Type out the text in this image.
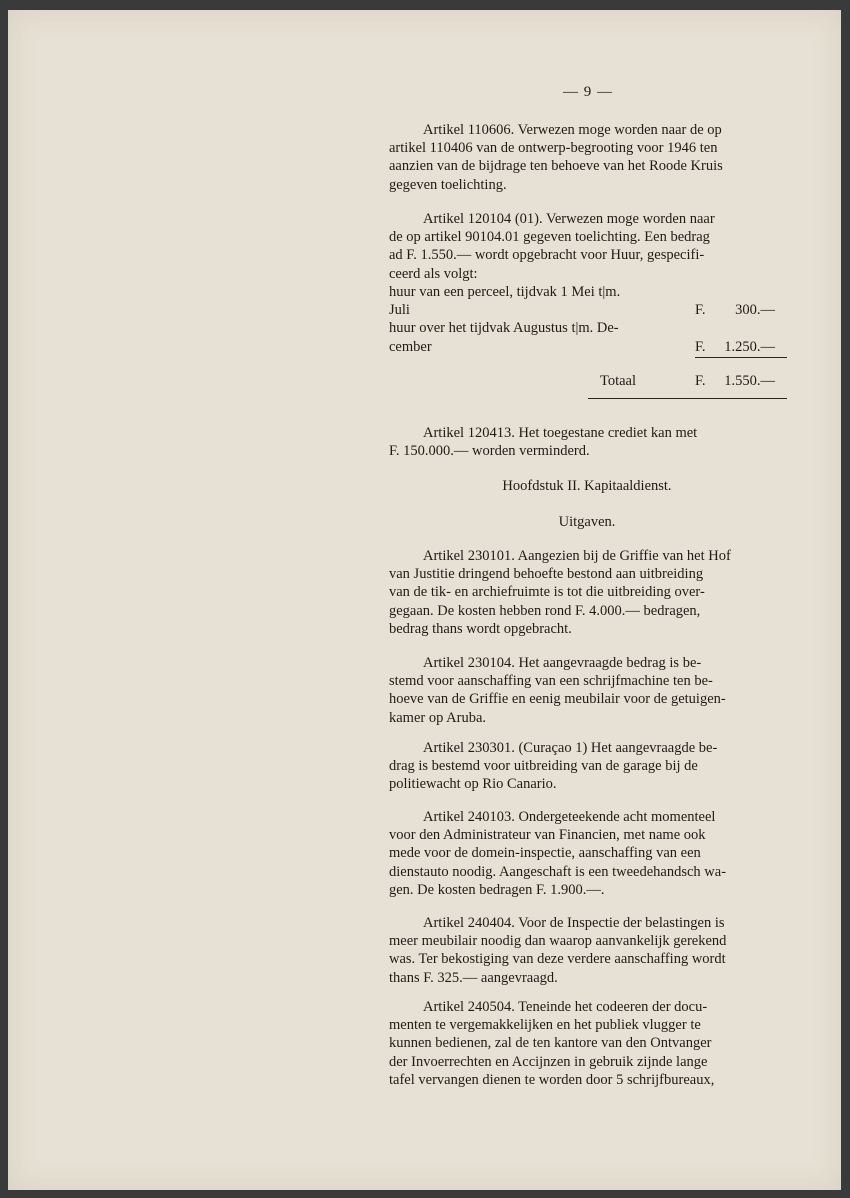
— 9 —

Artikel 110606. Verwezen moge worden naar de op

artikel 110406 van de ontwerp-begrooting voor 1946 ten

aanzien van de bijdrage ten behoeve van het Roode Kruis

gegeven toelichting.

Artikel 120104 (01). Verwezen moge worden naar

de op artikel 90104.01 gegeven toelichting. Een bedrag

ad F. 1.550.— wordt opgebracht voor Huur, gespecifi-

ceerd als volgt:

huur van een perceel, tijdvak 1 Mei t|m.
Juli	F. 300.—
huur over het tijdvak Augustus t|m. De-
cember	F. 1.250.—
Totaal	F. 1.550.—

Artikel 120413. Het toegestane crediet kan met

F. 150.000.— worden verminderd.

Hoofdstuk II. Kapitaaldienst.
Uitgaven.

Artikel 230101. Aangezien bij de Griffie van het Hof

van Justitie dringend behoefte bestond aan uitbreiding

van de tik- en archiefruimte is tot die uitbreiding over-

gegaan. De kosten hebben rond F. 4.000.— bedragen,

bedrag thans wordt opgebracht.

Artikel 230104. Het aangevraagde bedrag is be-

stemd voor aanschaffing van een schrijfmachine ten be-

hoeve van de Griffie en eenig meubilair voor de getuigen-

kamer op Aruba.

Artikel 230301. (Curaçao 1) Het aangevraagde be-

drag is bestemd voor uitbreiding van de garage bij de

politiewacht op Rio Canario.

Artikel 240103. Ondergeteekende acht momenteel

voor den Administrateur van Financien, met name ook

mede voor de domein-inspectie, aanschaffing van een

dienstauto noodig. Aangeschaft is een tweedehandsch wa-

gen. De kosten bedragen F. 1.900.—.

Artikel 240404. Voor de Inspectie der belastingen is

meer meubilair noodig dan waarop aanvankelijk gerekend

was. Ter bekostiging van deze verdere aanschaffing wordt

thans F. 325.— aangevraagd.

Artikel 240504. Teneinde het codeeren der docu-

menten te vergemakkelijken en het publiek vlugger te

kunnen bedienen, zal de ten kantore van den Ontvanger

der Invoerrechten en Accijnzen in gebruik zijnde lange

tafel vervangen dienen te worden door 5 schrijfbureaux,
